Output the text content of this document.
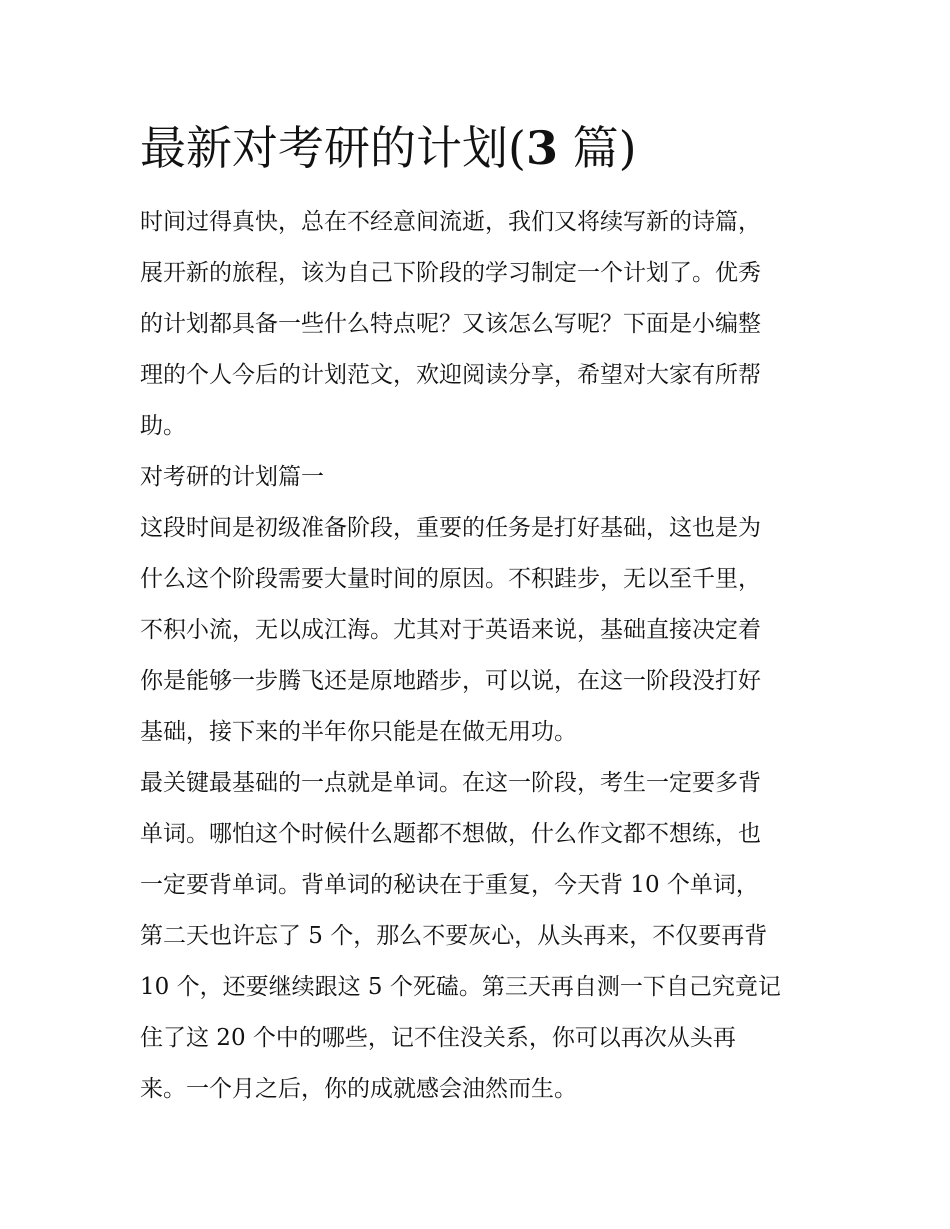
最新对考研的计划(3 篇)
时间过得真快，总在不经意间流逝，我们又将续写新的诗篇，
展开新的旅程，该为自己下阶段的学习制定一个计划了。优秀
的计划都具备一些什么特点呢？又该怎么写呢？下面是小编整
理的个人今后的计划范文，欢迎阅读分享，希望对大家有所帮
助。
对考研的计划篇一
这段时间是初级准备阶段，重要的任务是打好基础，这也是为
什么这个阶段需要大量时间的原因。不积跬步，无以至千里，
不积小流，无以成江海。尤其对于英语来说，基础直接决定着
你是能够一步腾飞还是原地踏步，可以说，在这一阶段没打好
基础，接下来的半年你只能是在做无用功。
最关键最基础的一点就是单词。在这一阶段，考生一定要多背
单词。哪怕这个时候什么题都不想做，什么作文都不想练，也
一定要背单词。背单词的秘诀在于重复，今天背 10 个单词，
第二天也许忘了 5 个，那么不要灰心，从头再来，不仅要再背
10 个，还要继续跟这 5 个死磕。第三天再自测一下自己究竟记
住了这 20 个中的哪些，记不住没关系，你可以再次从头再
来。一个月之后，你的成就感会油然而生。
